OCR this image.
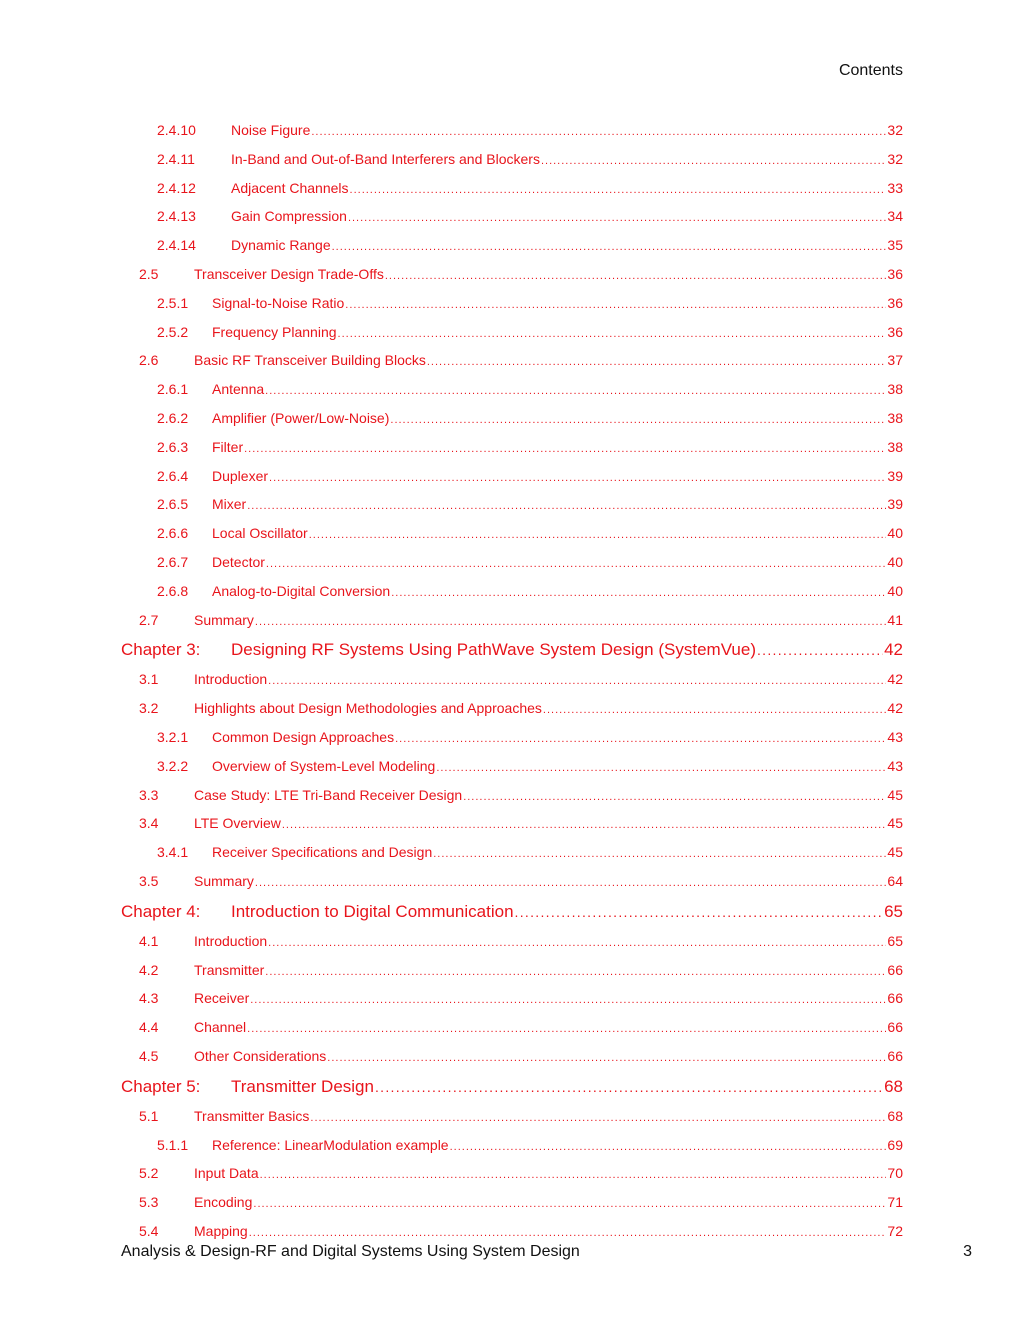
Contents
2.4.10	Noise Figure .....	32
2.4.11	In-Band and Out-of-Band Interferers and Blockers .....	32
2.4.12	Adjacent Channels .....	33
2.4.13	Gain Compression .....	34
2.4.14	Dynamic Range .....	35
2.5	Transceiver Design Trade-Offs .....	36
2.5.1	Signal-to-Noise Ratio .....	36
2.5.2	Frequency Planning .....	36
2.6	Basic RF Transceiver Building Blocks .....	37
2.6.1	Antenna .....	38
2.6.2	Amplifier (Power/Low-Noise) .....	38
2.6.3	Filter .....	38
2.6.4	Duplexer .....	39
2.6.5	Mixer .....	39
2.6.6	Local Oscillator .....	40
2.6.7	Detector .....	40
2.6.8	Analog-to-Digital Conversion .....	40
2.7	Summary .....	41
Chapter 3:	Designing RF Systems Using PathWave System Design (SystemVue) .....	42
3.1	Introduction .....	42
3.2	Highlights about Design Methodologies and Approaches .....	42
3.2.1	Common Design Approaches .....	43
3.2.2	Overview of System-Level Modeling .....	43
3.3	Case Study: LTE Tri-Band Receiver Design .....	45
3.4	LTE Overview .....	45
3.4.1	Receiver Specifications and Design .....	45
3.5	Summary .....	64
Chapter 4:	Introduction to Digital Communication .....	65
4.1	Introduction .....	65
4.2	Transmitter .....	66
4.3	Receiver .....	66
4.4	Channel .....	66
4.5	Other Considerations .....	66
Chapter 5:	Transmitter Design .....	68
5.1	Transmitter Basics .....	68
5.1.1	Reference: LinearModulation example .....	69
5.2	Input Data .....	70
5.3	Encoding .....	71
5.4	Mapping .....	72
Analysis & Design-RF and Digital Systems Using System Design	3
